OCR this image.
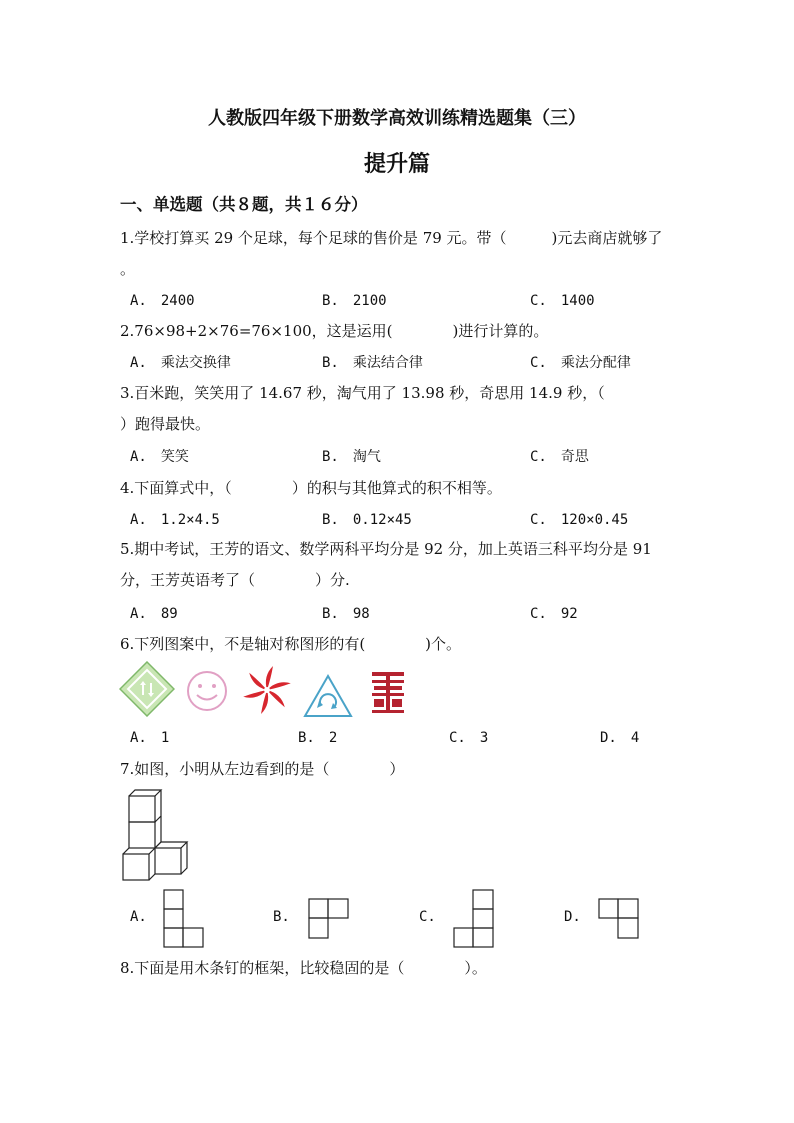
人教版四年级下册数学高效训练精选题集（三）
提升篇
一、单选题（共８题，共１６分）
1.学校打算买 29 个足球，每个足球的售价是 79 元。带（　　　)元去商店就够了
。
A.　2400	B.　2100	C.　1400
2.76×98+2×76=76×100，这是运用(　　　　)进行计算的。
A.　乘法交换律	B.　乘法结合律	C.　乘法分配律
3.百米跑，笑笑用了 14.67 秒，淘气用了 13.98 秒，奇思用 14.9 秒，（
）跑得最快。
A.　笑笑	B.　淘气	C.　奇思
4.下面算式中，（　　　　）的积与其他算式的积不相等。
A.　1.2×4.5	B.　0.12×45	C.　120×0.45
5.期中考试，王芳的语文、数学两科平均分是 92 分，加上英语三科平均分是 91
分，王芳英语考了（　　　　）分.
A.　89	B.　98	C.　92
6.下列图案中，不是轴对称图形的有(　　　　)个。
A.　1	B.　2	C.　3	D.　4
7.如图，小明从左边看到的是（　　　　）
A.	B.	C.	D.
8.下面是用木条钉的框架，比较稳固的是（　　　　）。
